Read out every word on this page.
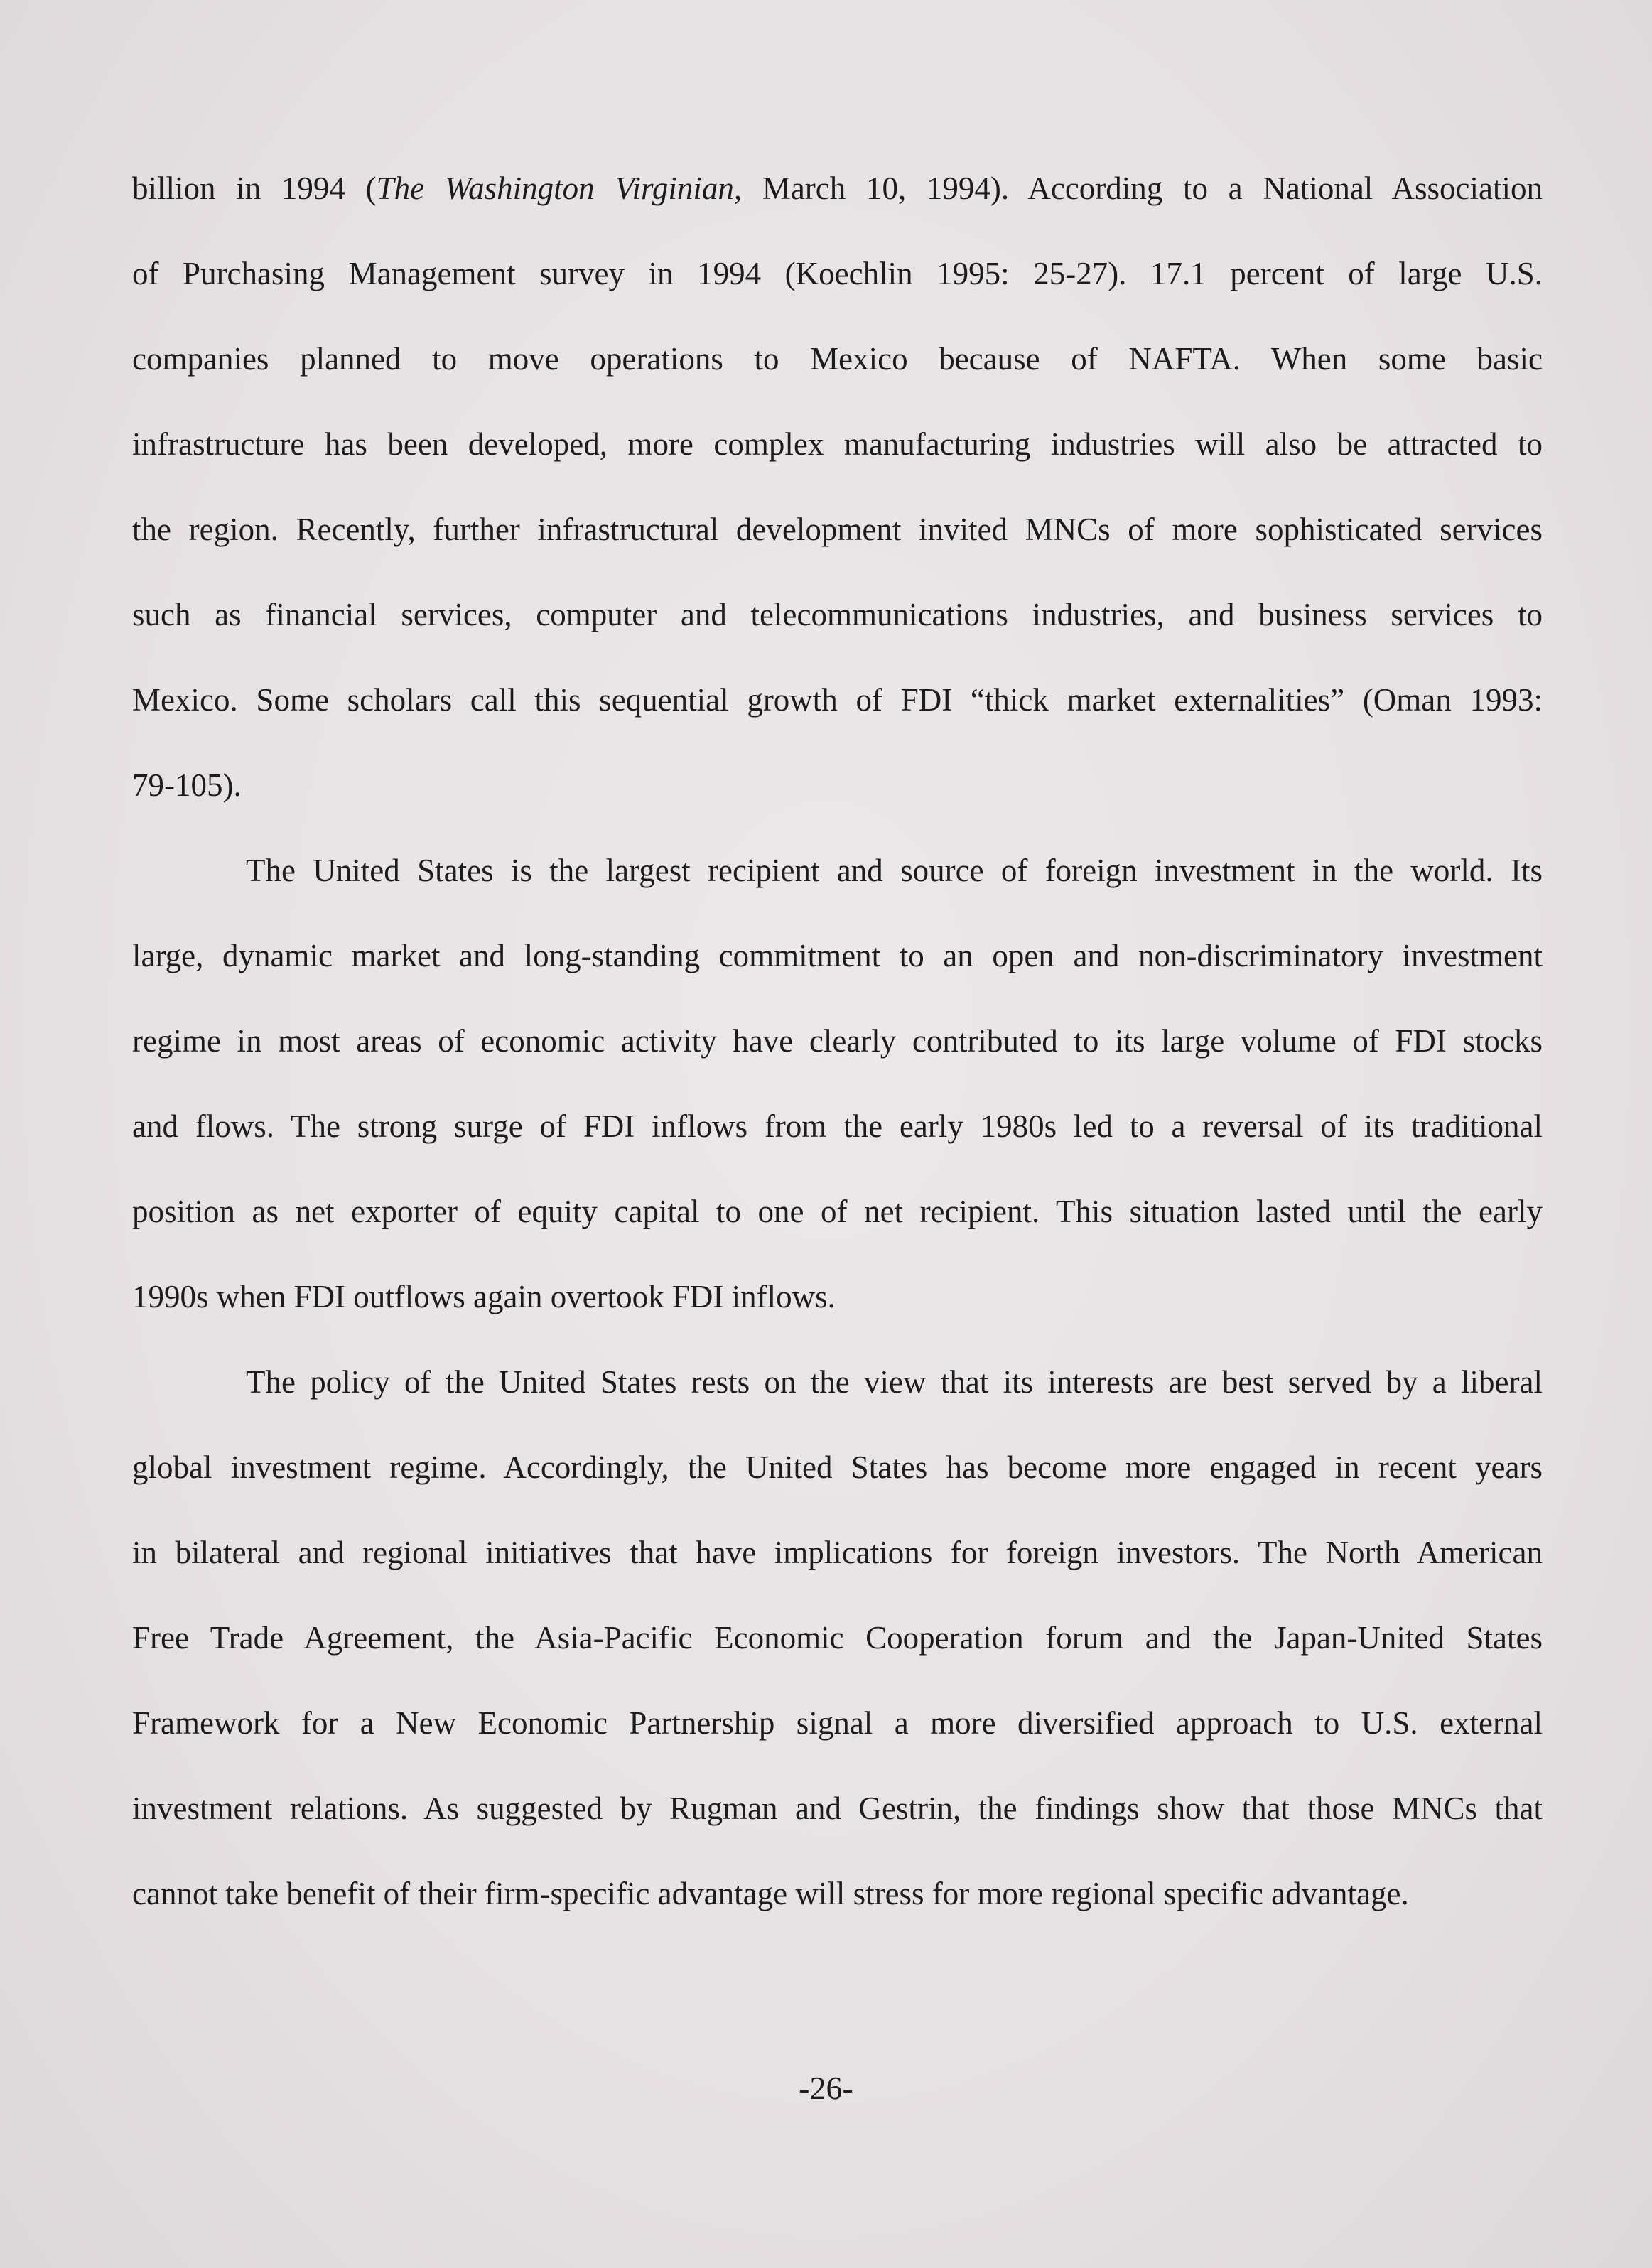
billion in 1994 (The Washington Virginian, March 10, 1994). According to a National Association
of Purchasing Management survey in 1994 (Koechlin 1995: 25-27). 17.1 percent of large U.S.
companies planned to move operations to Mexico because of NAFTA. When some basic
infrastructure has been developed, more complex manufacturing industries will also be attracted to
the region. Recently, further infrastructural development invited MNCs of more sophisticated services
such as financial services, computer and telecommunications industries, and business services to
Mexico. Some scholars call this sequential growth of FDI “thick market externalities” (Oman 1993:
79-105).
The United States is the largest recipient and source of foreign investment in the world. Its
large, dynamic market and long-standing commitment to an open and non-discriminatory investment
regime in most areas of economic activity have clearly contributed to its large volume of FDI stocks
and flows. The strong surge of FDI inflows from the early 1980s led to a reversal of its traditional
position as net exporter of equity capital to one of net recipient. This situation lasted until the early
1990s when FDI outflows again overtook FDI inflows.
The policy of the United States rests on the view that its interests are best served by a liberal
global investment regime. Accordingly, the United States has become more engaged in recent years
in bilateral and regional initiatives that have implications for foreign investors. The North American
Free Trade Agreement, the Asia-Pacific Economic Cooperation forum and the Japan-United States
Framework for a New Economic Partnership signal a more diversified approach to U.S. external
investment relations. As suggested by Rugman and Gestrin, the findings show that those MNCs that
cannot take benefit of their firm-specific advantage will stress for more regional specific advantage.
-26-
